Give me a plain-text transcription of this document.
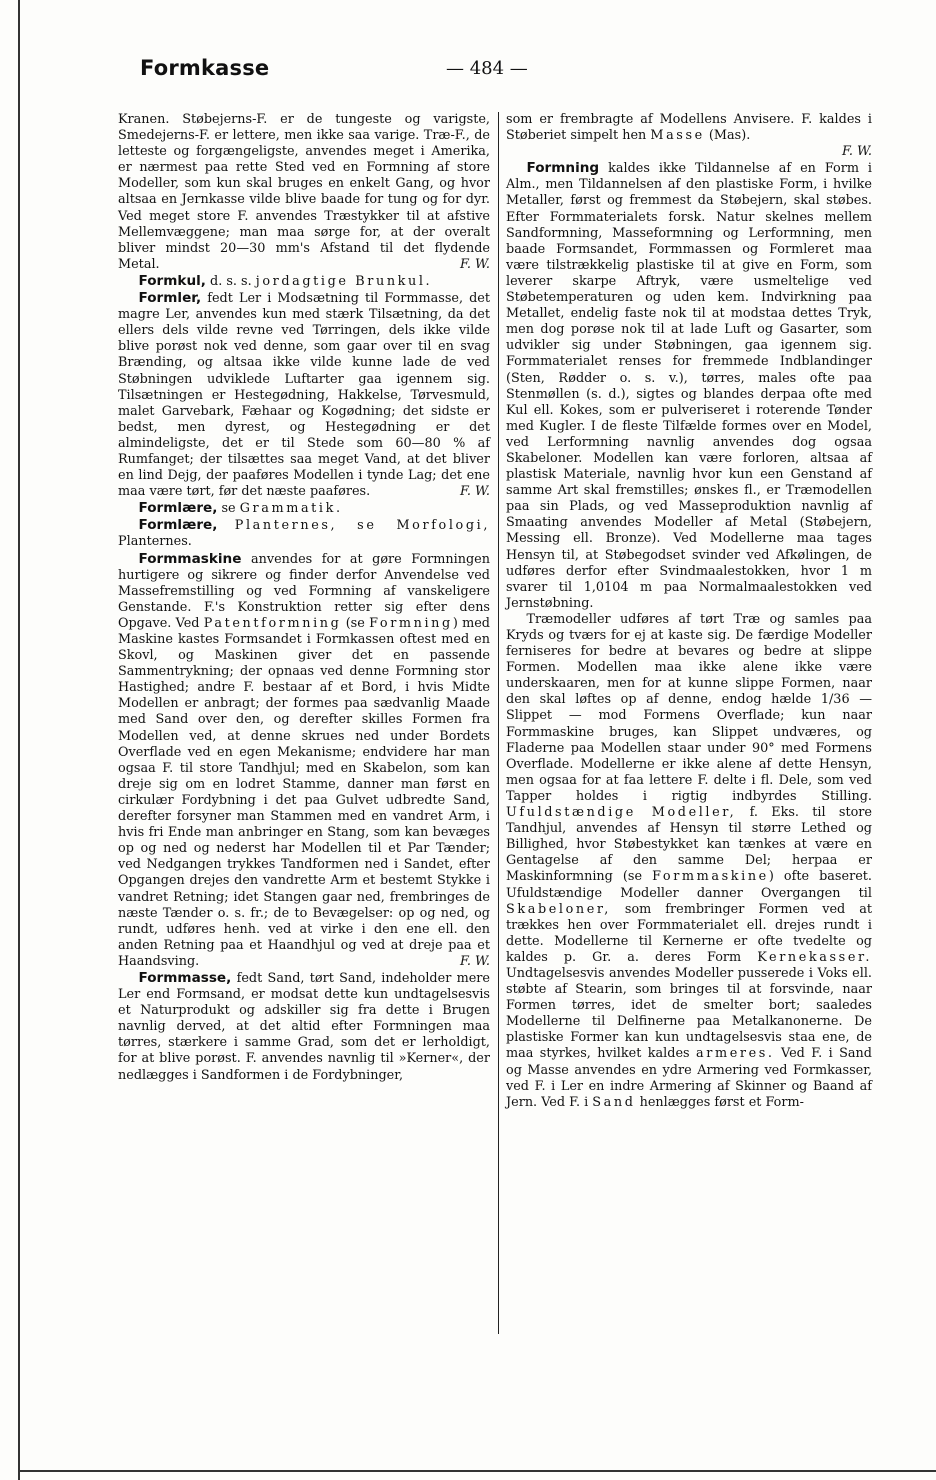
Formkasse	— 484 —

Kranen. Støbejerns-F. er de tungeste og varigste, Smedejerns-F. er lettere, men ikke saa varige. Træ-F., de letteste og forgængeligste, anvendes meget i Amerika, er nærmest paa rette Sted ved en Formning af store Modeller, som kun skal bruges en enkelt Gang, og hvor altsaa en Jernkasse vilde blive baade for tung og for dyr. Ved meget store F. anvendes Træstykker til at afstive Mellemvæggene; man maa sørge for, at der overalt bliver mindst 20—30 mm's Afstand til det flydende Metal.	F. W.

Formkul, d. s. s. jordagtige Brunkul.

Formler, fedt Ler i Modsætning til Formmasse, det magre Ler, anvendes kun med stærk Tilsætning, da det ellers dels vilde revne ved Tørringen, dels ikke vilde blive porøst nok ved denne, som gaar over til en svag Brænding, og altsaa ikke vilde kunne lade de ved Støbningen udviklede Luftarter gaa igennem sig. Tilsætningen er Hestegødning, Hakkelse, Tørvesmuld, malet Garvebark, Fæhaar og Kogødning; det sidste er bedst, men dyrest, og Hestegødning er det almindeligste, det er til Stede som 60—80 % af Rumfanget; der tilsættes saa meget Vand, at det bliver en lind Dejg, der paaføres Modellen i tynde Lag; det ene maa være tørt, før det næste paaføres.	F. W.

Formlære, se Grammatik.

Formlære, Planternes, se Morfologi, Planternes.

Formmaskine anvendes for at gøre Formningen hurtigere og sikrere og finder derfor Anvendelse ved Massefremstilling og ved Formning af vanskeligere Genstande. F.'s Konstruktion retter sig efter dens Opgave. Ved Patentformning (se Formning) med Maskine kastes Formsandet i Formkassen oftest med en Skovl, og Maskinen giver det en passende Sammentrykning; der opnaas ved denne Formning stor Hastighed; andre F. bestaar af et Bord, i hvis Midte Modellen er anbragt; der formes paa sædvanlig Maade med Sand over den, og derefter skilles Formen fra Modellen ved, at denne skrues ned under Bordets Overflade ved en egen Mekanisme; endvidere har man ogsaa F. til store Tandhjul; med en Skabelon, som kan dreje sig om en lodret Stamme, danner man først en cirkulær Fordybning i det paa Gulvet udbredte Sand, derefter forsyner man Stammen med en vandret Arm, i hvis fri Ende man anbringer en Stang, som kan bevæges op og ned og nederst har Modellen til et Par Tænder; ved Nedgangen trykkes Tandformen ned i Sandet, efter Opgangen drejes den vandrette Arm et bestemt Stykke i vandret Retning; idet Stangen gaar ned, frembringes de næste Tænder o. s. fr.; de to Bevægelser: op og ned, og rundt, udføres henh. ved at virke i den ene ell. den anden Retning paa et Haandhjul og ved at dreje paa et Haandsving.	F. W.

Formmasse, fedt Sand, tørt Sand, indeholder mere Ler end Formsand, er modsat dette kun undtagelsesvis et Naturprodukt og adskiller sig fra dette i Brugen navnlig derved, at det altid efter Formningen maa tørres, stærkere i samme Grad, som det er lerholdigt, for at blive porøst. F. anvendes navnlig til »Kerner«, der nedlægges i Sandformen i de Fordybninger,

som er frembragte af Modellens Anvisere. F. kaldes i Støberiet simpelt hen Masse (Mas).

F. W.

Formning kaldes ikke Tildannelse af en Form i Alm., men Tildannelsen af den plastiske Form, i hvilke Metaller, først og fremmest da Støbejern, skal støbes. Efter Formmaterialets forsk. Natur skelnes mellem Sandformning, Masseformning og Lerformning, men baade Formsandet, Formmassen og Formleret maa være tilstrækkelig plastiske til at give en Form, som leverer skarpe Aftryk, være usmeltelige ved Støbetemperaturen og uden kem. Indvirkning paa Metallet, endelig faste nok til at modstaa dettes Tryk, men dog porøse nok til at lade Luft og Gasarter, som udvikler sig under Støbningen, gaa igennem sig. Formmaterialet renses for fremmede Indblandinger (Sten, Rødder o. s. v.), tørres, males ofte paa Stenmøllen (s. d.), sigtes og blandes derpaa ofte med Kul ell. Kokes, som er pulveriseret i roterende Tønder med Kugler. I de fleste Tilfælde formes over en Model, ved Lerformning navnlig anvendes dog ogsaa Skabeloner. Modellen kan være forloren, altsaa af plastisk Materiale, navnlig hvor kun een Genstand af samme Art skal fremstilles; ønskes fl., er Træmodellen paa sin Plads, og ved Masseproduktion navnlig af Smaating anvendes Modeller af Metal (Støbejern, Messing ell. Bronze). Ved Modellerne maa tages Hensyn til, at Støbegodset svinder ved Afkølingen, de udføres derfor efter Svindmaalestokken, hvor 1 m svarer til 1,0104 m paa Normalmaalestokken ved Jernstøbning.

Træmodeller udføres af tørt Træ og samles paa Kryds og tværs for ej at kaste sig. De færdige Modeller ferniseres for bedre at bevares og bedre at slippe Formen. Modellen maa ikke alene ikke være underskaaren, men for at kunne slippe Formen, naar den skal løftes op af denne, endog hælde 1/36 — Slippet — mod Formens Overflade; kun naar Formmaskine bruges, kan Slippet undværes, og Fladerne paa Modellen staar under 90° med Formens Overflade. Modellerne er ikke alene af dette Hensyn, men ogsaa for at faa lettere F. delte i fl. Dele, som ved Tapper holdes i rigtig indbyrdes Stilling. Ufuldstændige Modeller, f. Eks. til store Tandhjul, anvendes af Hensyn til større Lethed og Billighed, hvor Støbestykket kan tænkes at være en Gentagelse af den samme Del; herpaa er Maskinformning (se Formmaskine) ofte baseret. Ufuldstændige Modeller danner Overgangen til Skabeloner, som frembringer Formen ved at trækkes hen over Formmaterialet ell. drejes rundt i dette. Modellerne til Kernerne er ofte tvedelte og kaldes p. Gr. a. deres Form Kernekasser. Undtagelsesvis anvendes Modeller pusserede i Voks ell. støbte af Stearin, som bringes til at forsvinde, naar Formen tørres, idet de smelter bort; saaledes Modellerne til Delfinerne paa Metalkanonerne. De plastiske Former kan kun undtagelsesvis staa ene, de maa styrkes, hvilket kaldes armeres. Ved F. i Sand og Masse anvendes en ydre Armering ved Formkasser, ved F. i Ler en indre Armering af Skinner og Baand af Jern. Ved F. i Sand henlægges først et Form-
